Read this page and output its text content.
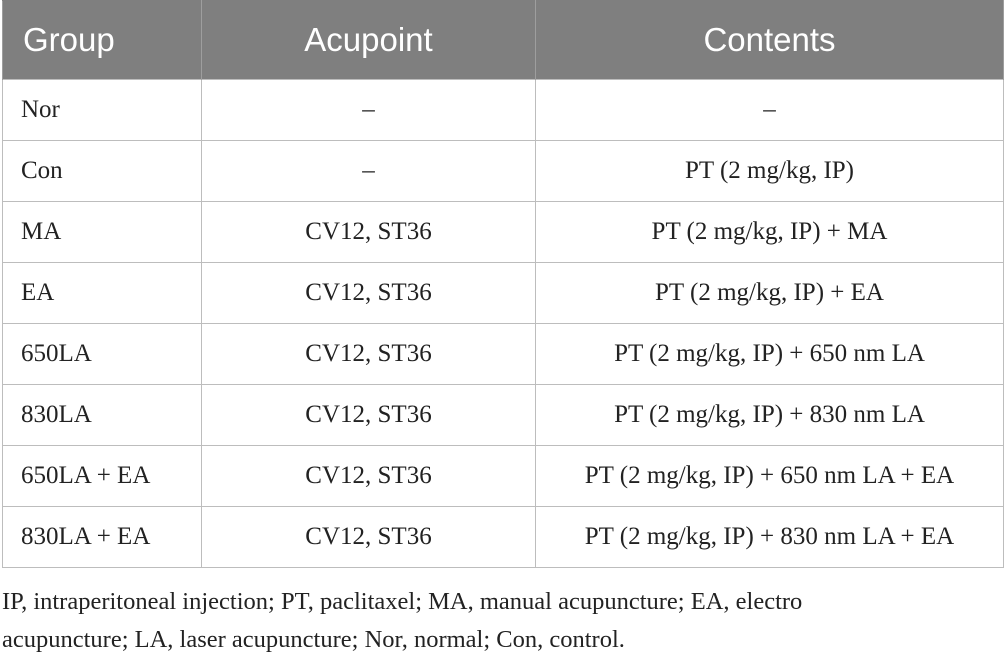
Group	Acupoint	Contents
Nor	–	–
Con	–	PT (2 mg/kg, IP)
MA	CV12, ST36	PT (2 mg/kg, IP) + MA
EA	CV12, ST36	PT (2 mg/kg, IP) + EA
650LA	CV12, ST36	PT (2 mg/kg, IP) + 650 nm LA
830LA	CV12, ST36	PT (2 mg/kg, IP) + 830 nm LA
650LA + EA	CV12, ST36	PT (2 mg/kg, IP) + 650 nm LA + EA
830LA + EA	CV12, ST36	PT (2 mg/kg, IP) + 830 nm LA + EA

IP, intraperitoneal injection; PT, paclitaxel; MA, manual acupuncture; EA, electro
acupuncture; LA, laser acupuncture; Nor, normal; Con, control.
